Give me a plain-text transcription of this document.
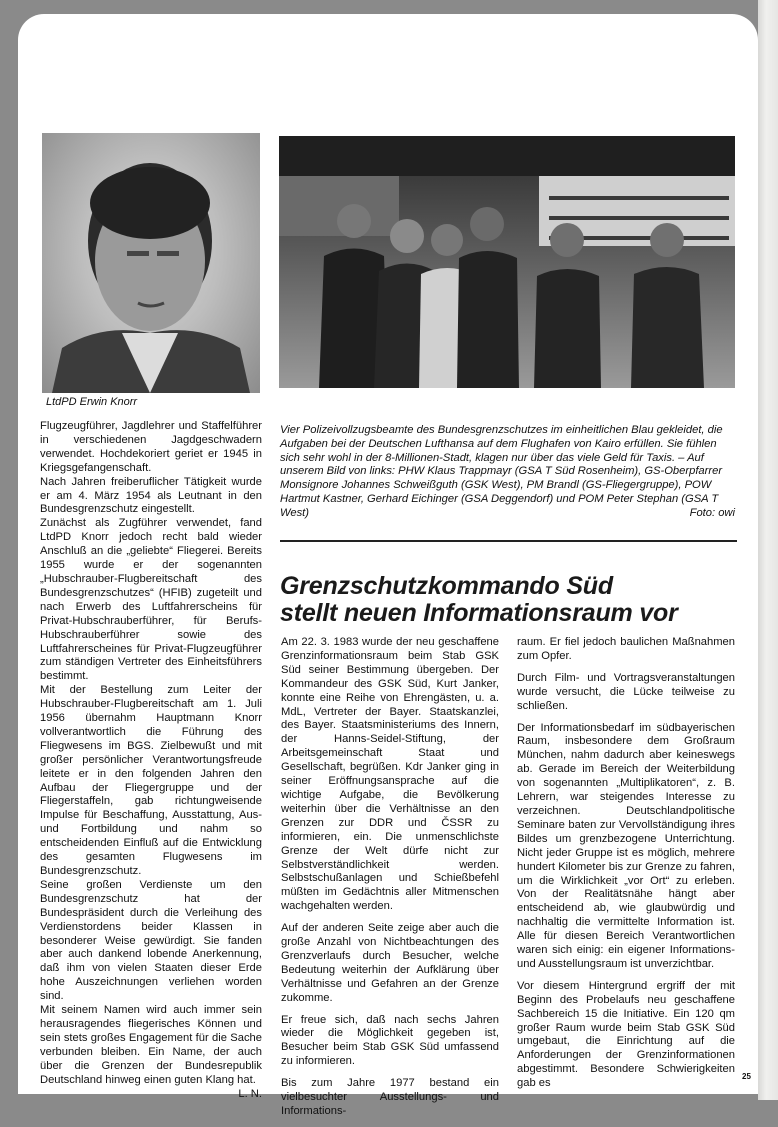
LtdPD Erwin Knorr

Flugzeugführer, Jagdlehrer und Staffelführer in verschiedenen Jagdgeschwadern verwendet. Hochdekoriert geriet er 1945 in Kriegsgefangenschaft.

Nach Jahren freiberuflicher Tätigkeit wurde er am 4. März 1954 als Leutnant in den Bundesgrenzschutz eingestellt.

Zunächst als Zugführer verwendet, fand LtdPD Knorr jedoch recht bald wieder Anschluß an die „geliebte“ Fliegerei. Bereits 1955 wurde er der sogenannten „Hubschrauber-Flugbereitschaft des Bundesgrenzschutzes“ (HFIB) zugeteilt und nach Erwerb des Luftfahrerscheins für Privat-Hubschrauberführer, für Berufs-Hubschrauberführer sowie des Luftfahrerscheines für Privat-Flugzeugführer zum ständigen Vertreter des Einheitsführers bestimmt.

Mit der Bestellung zum Leiter der Hubschrauber-Flugbereitschaft am 1. Juli 1956 übernahm Hauptmann Knorr vollverantwortlich die Führung des Fliegwesens im BGS. Zielbewußt und mit großer persönlicher Verantwortungsfreude leitete er in den folgenden Jahren den Aufbau der Fliegergruppe und der Fliegerstaffeln, gab richtungweisende Impulse für Beschaffung, Ausstattung, Aus- und Fortbildung und nahm so entscheidenden Einfluß auf die Entwicklung des gesamten Flugwesens im Bundesgrenzschutz.

Seine großen Verdienste um den Bundesgrenzschutz hat der Bundespräsident durch die Verleihung des Verdienstordens beider Klassen in besonderer Weise gewürdigt. Sie fanden aber auch dankend lobende Anerkennung, daß ihm von vielen Staaten dieser Erde hohe Auszeichnungen verliehen worden sind.

Mit seinem Namen wird auch immer sein herausragendes fliegerisches Können und sein stets großes Engagement für die Sache verbunden bleiben. Ein Name, der auch über die Grenzen der Bundesrepublik Deutschland hinweg einen guten Klang hat.

L. N.
Vier Polizeivollzugsbeamte des Bundesgrenzschutzes im einheitlichen Blau gekleidet, die Aufgaben bei der Deutschen Lufthansa auf dem Flughafen von Kairo erfüllen. Sie fühlen sich sehr wohl in der 8-Millionen-Stadt, klagen nur über das viele Geld für Taxis. – Auf unserem Bild von links: PHW Klaus Trappmayr (GSA T Süd Rosenheim), GS-Oberpfarrer Monsignore Johannes Schweißguth (GSK West), PM Brandl (GS-Fliegergruppe), POW Hartmut Kastner, Gerhard Eichinger (GSA Deggendorf) und POM Peter Stephan (GSA T West)	Foto: owi
Grenzschutzkommando Süd
stellt neuen Informationsraum vor

Am 22. 3. 1983 wurde der neu geschaffene Grenzinformationsraum beim Stab GSK Süd seiner Bestimmung übergeben. Der Kommandeur des GSK Süd, Kurt Janker, konnte eine Reihe von Ehrengästen, u. a. MdL, Vertreter der Bayer. Staatskanzlei, des Bayer. Staatsministeriums des Innern, der Hanns-Seidel-Stiftung, der Arbeitsgemeinschaft Staat und Gesellschaft, begrüßen. Kdr Janker ging in seiner Eröffnungsansprache auf die wichtige Aufgabe, die Bevölkerung weiterhin über die Verhältnisse an den Grenzen zur DDR und ČSSR zu informieren, ein. Die unmenschlichste Grenze der Welt dürfe nicht zur Selbstverständlichkeit werden. Selbstschußanlagen und Schießbefehl müßten im Gedächtnis aller Mitmenschen wachgehalten werden.

Auf der anderen Seite zeige aber auch die große Anzahl von Nichtbeachtungen des Grenzverlaufs durch Besucher, welche Bedeutung weiterhin der Aufklärung über Verhältnisse und Gefahren an der Grenze zukomme.

Er freue sich, daß nach sechs Jahren wieder die Möglichkeit gegeben ist, Besucher beim Stab GSK Süd umfassend zu informieren.

Bis zum Jahre 1977 bestand ein vielbesuchter Ausstellungs- und Informations-

raum. Er fiel jedoch baulichen Maßnahmen zum Opfer.

Durch Film- und Vortragsveranstaltungen wurde versucht, die Lücke teilweise zu schließen.

Der Informationsbedarf im südbayerischen Raum, insbesondere dem Großraum München, nahm dadurch aber keineswegs ab. Gerade im Bereich der Weiterbildung von sogenannten „Multiplikatoren“, z. B. Lehrern, war steigendes Interesse zu verzeichnen. Deutschlandpolitische Seminare baten zur Vervollständigung ihres Bildes um grenzbezogene Unterrichtung. Nicht jeder Gruppe ist es möglich, mehrere hundert Kilometer bis zur Grenze zu fahren, um die Wirklichkeit „vor Ort“ zu erleben. Von der Realitätsnähe hängt aber entscheidend ab, wie glaubwürdig und nachhaltig die vermittelte Information ist. Alle für diesen Bereich Verantwortlichen waren sich einig: ein eigener Informations- und Ausstellungsraum ist unverzichtbar.

Vor diesem Hintergrund ergriff der mit Beginn des Probelaufs neu geschaffene Sachbereich 15 die Initiative. Ein 120 qm großer Raum wurde beim Stab GSK Süd umgebaut, die Einrichtung auf die Anforderungen der Grenzinformationen abgestimmt. Besondere Schwierigkeiten gab es

25
